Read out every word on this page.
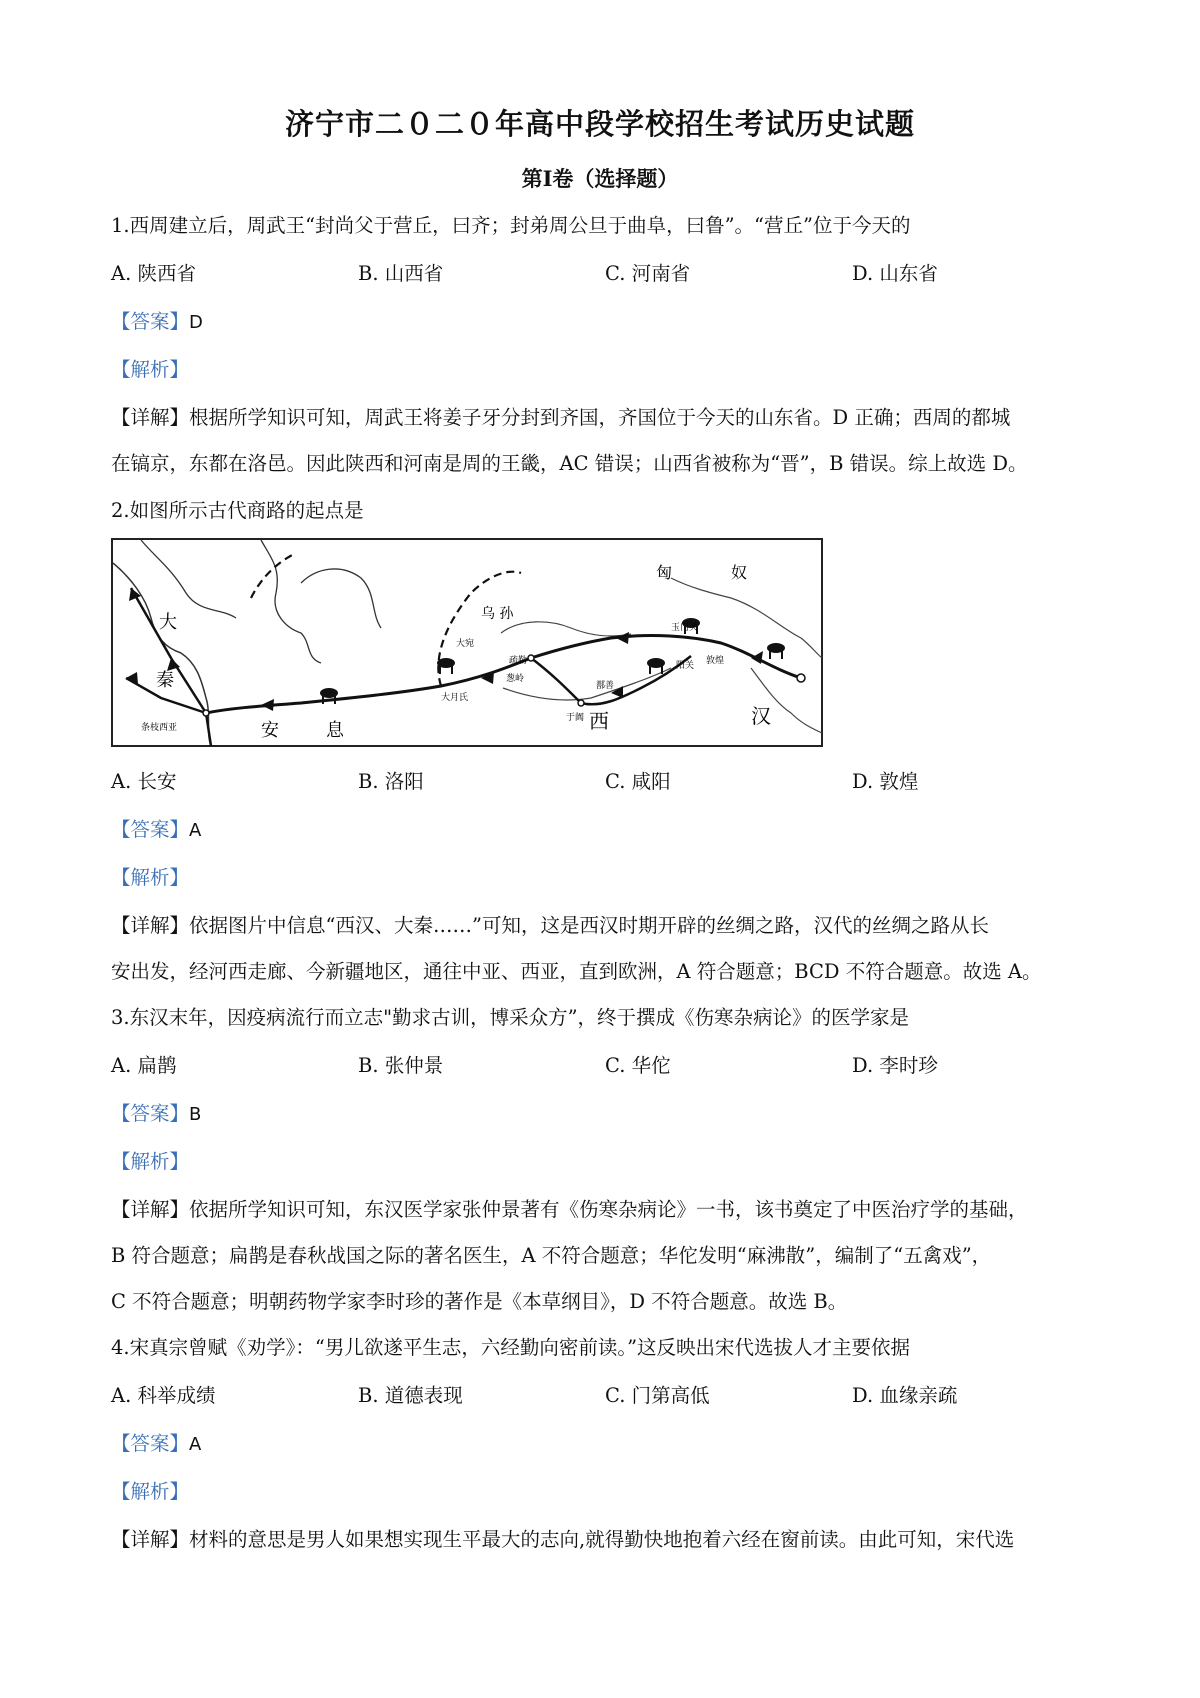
济宁市二０二０年高中段学校招生考试历史试题
第Ⅰ卷（选择题）
1.西周建立后，周武王“封尚父于营丘，曰齐；封弟周公旦于曲阜，曰鲁”。“营丘”位于今天的
A. 陕西省	B. 山西省	C. 河南省	D. 山东省
【答案】D
【解析】
【详解】根据所学知识可知，周武王将姜子牙分封到齐国，齐国位于今天的山东省。D 正确；西周的都城
在镐京，东都在洛邑。因此陕西和河南是周的王畿，AC 错误；山西省被称为“晋”，B 错误。综上故选 D。
2.如图所示古代商路的起点是
匈	奴
乌 孙
大
秦
安	息	西	汉
玉门关
阳关 敦煌
大宛
疏勒
葱岭
大月氏
鄯善
于阗
条枝西亚
A. 长安	B. 洛阳	C. 咸阳	D. 敦煌
【答案】A
【解析】
【详解】依据图片中信息“西汉、大秦……”可知，这是西汉时期开辟的丝绸之路，汉代的丝绸之路从长
安出发，经河西走廊、今新疆地区，通往中亚、西亚，直到欧洲，A 符合题意；BCD 不符合题意。故选 A。
3.东汉末年，因疫病流行而立志"勤求古训，博采众方”，终于撰成《伤寒杂病论》的医学家是
A. 扁鹊	B. 张仲景	C. 华佗	D. 李时珍
【答案】B
【解析】
【详解】依据所学知识可知，东汉医学家张仲景著有《伤寒杂病论》一书，该书奠定了中医治疗学的基础，
B 符合题意；扁鹊是春秋战国之际的著名医生，A 不符合题意；华佗发明“麻沸散”，编制了“五禽戏”，
C 不符合题意；明朝药物学家李时珍的著作是《本草纲目》，D 不符合题意。故选 B。
4.宋真宗曾赋《劝学》：“男儿欲遂平生志，六经勤向密前读。”这反映出宋代选拔人才主要依据
A. 科举成绩	B. 道德表现	C. 门第高低	D. 血缘亲疏
【答案】A
【解析】
【详解】材料的意思是男人如果想实现生平最大的志向,就得勤快地抱着六经在窗前读。由此可知，宋代选
